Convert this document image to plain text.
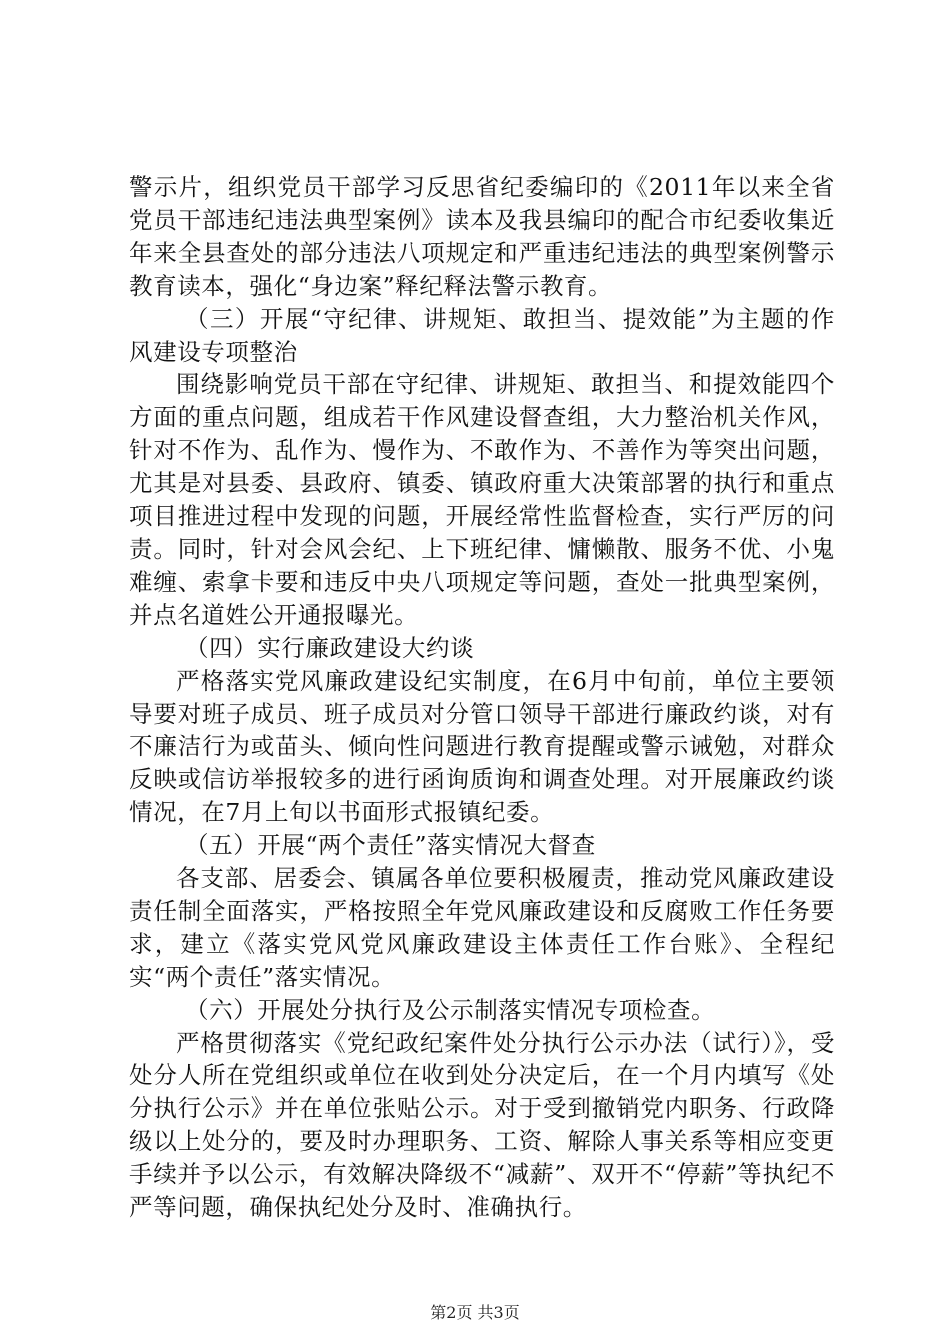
警示片，组织党员干部学习反思省纪委编印的《2011年以来全省党员干部违纪违法典型案例》读本及我县编印的配合市纪委收集近年来全县查处的部分违法八项规定和严重违纪违法的典型案例警示教育读本，强化“身边案”释纪释法警示教育。

（三）开展“守纪律、讲规矩、敢担当、提效能”为主题的作风建设专项整治

围绕影响党员干部在守纪律、讲规矩、敢担当、和提效能四个方面的重点问题，组成若干作风建设督查组，大力整治机关作风，针对不作为、乱作为、慢作为、不敢作为、不善作为等突出问题，尤其是对县委、县政府、镇委、镇政府重大决策部署的执行和重点项目推进过程中发现的问题，开展经常性监督检查，实行严厉的问责。同时，针对会风会纪、上下班纪律、慵懒散、服务不优、小鬼难缠、索拿卡要和违反中央八项规定等问题，查处一批典型案例，并点名道姓公开通报曝光。

（四）实行廉政建设大约谈

严格落实党风廉政建设纪实制度，在6月中旬前，单位主要领导要对班子成员、班子成员对分管口领导干部进行廉政约谈，对有不廉洁行为或苗头、倾向性问题进行教育提醒或警示诫勉，对群众反映或信访举报较多的进行函询质询和调查处理。对开展廉政约谈情况，在7月上旬以书面形式报镇纪委。

（五）开展“两个责任”落实情况大督查

各支部、居委会、镇属各单位要积极履责，推动党风廉政建设责任制全面落实，严格按照全年党风廉政建设和反腐败工作任务要求，建立《落实党风党风廉政建设主体责任工作台账》、全程纪实“两个责任”落实情况。

（六）开展处分执行及公示制落实情况专项检查。

严格贯彻落实《党纪政纪案件处分执行公示办法（试行）》，受处分人所在党组织或单位在收到处分决定后，在一个月内填写《处分执行公示》并在单位张贴公示。对于受到撤销党内职务、行政降级以上处分的，要及时办理职务、工资、解除人事关系等相应变更手续并予以公示，有效解决降级不“减薪”、双开不“停薪”等执纪不严等问题，确保执纪处分及时、准确执行。

第2页 共3页
